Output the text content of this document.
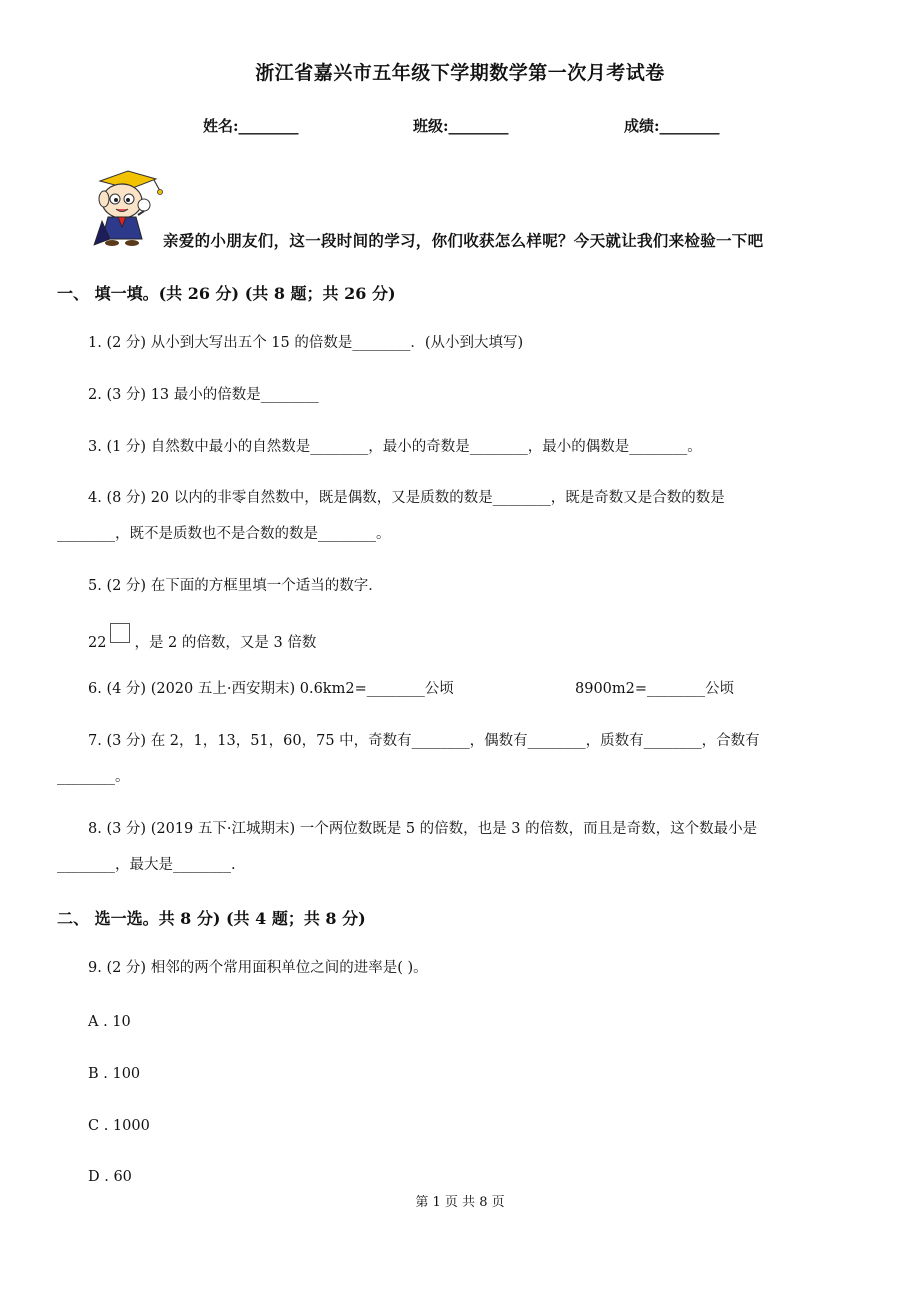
浙江省嘉兴市五年级下学期数学第一次月考试卷
姓名:________	班级:________	成绩:________
亲爱的小朋友们，这一段时间的学习，你们收获怎么样呢？今天就让我们来检验一下吧
一、 填一填。(共 26 分) (共 8 题；共 26 分)
1. (2 分) 从小到大写出五个 15 的倍数是________．(从小到大填写)
2. (3 分) 13 最小的倍数是________
3. (1 分) 自然数中最小的自然数是________，最小的奇数是________，最小的偶数是________。
4. (8 分) 20 以内的非零自然数中，既是偶数，又是质数的数是________，既是奇数又是合数的数是
________，既不是质数也不是合数的数是________。
5. (2 分) 在下面的方框里填一个适当的数字．
22 ，是 2 的倍数，又是 3 倍数
6. (4 分) (2020 五上·西安期末) 0.6km2=________公顷	8900m2=________公顷
7. (3 分) 在 2，1，13，51，60，75 中，奇数有________，偶数有________，质数有________，合数有
________。
8. (3 分) (2019 五下·江城期末) 一个两位数既是 5 的倍数，也是 3 的倍数，而且是奇数，这个数最小是
________，最大是________.
二、 选一选。共 8 分) (共 4 题；共 8 分)
9. (2 分) 相邻的两个常用面积单位之间的进率是( )。
A . 10
B . 100
C . 1000
D . 60
第 1 页 共 8 页
